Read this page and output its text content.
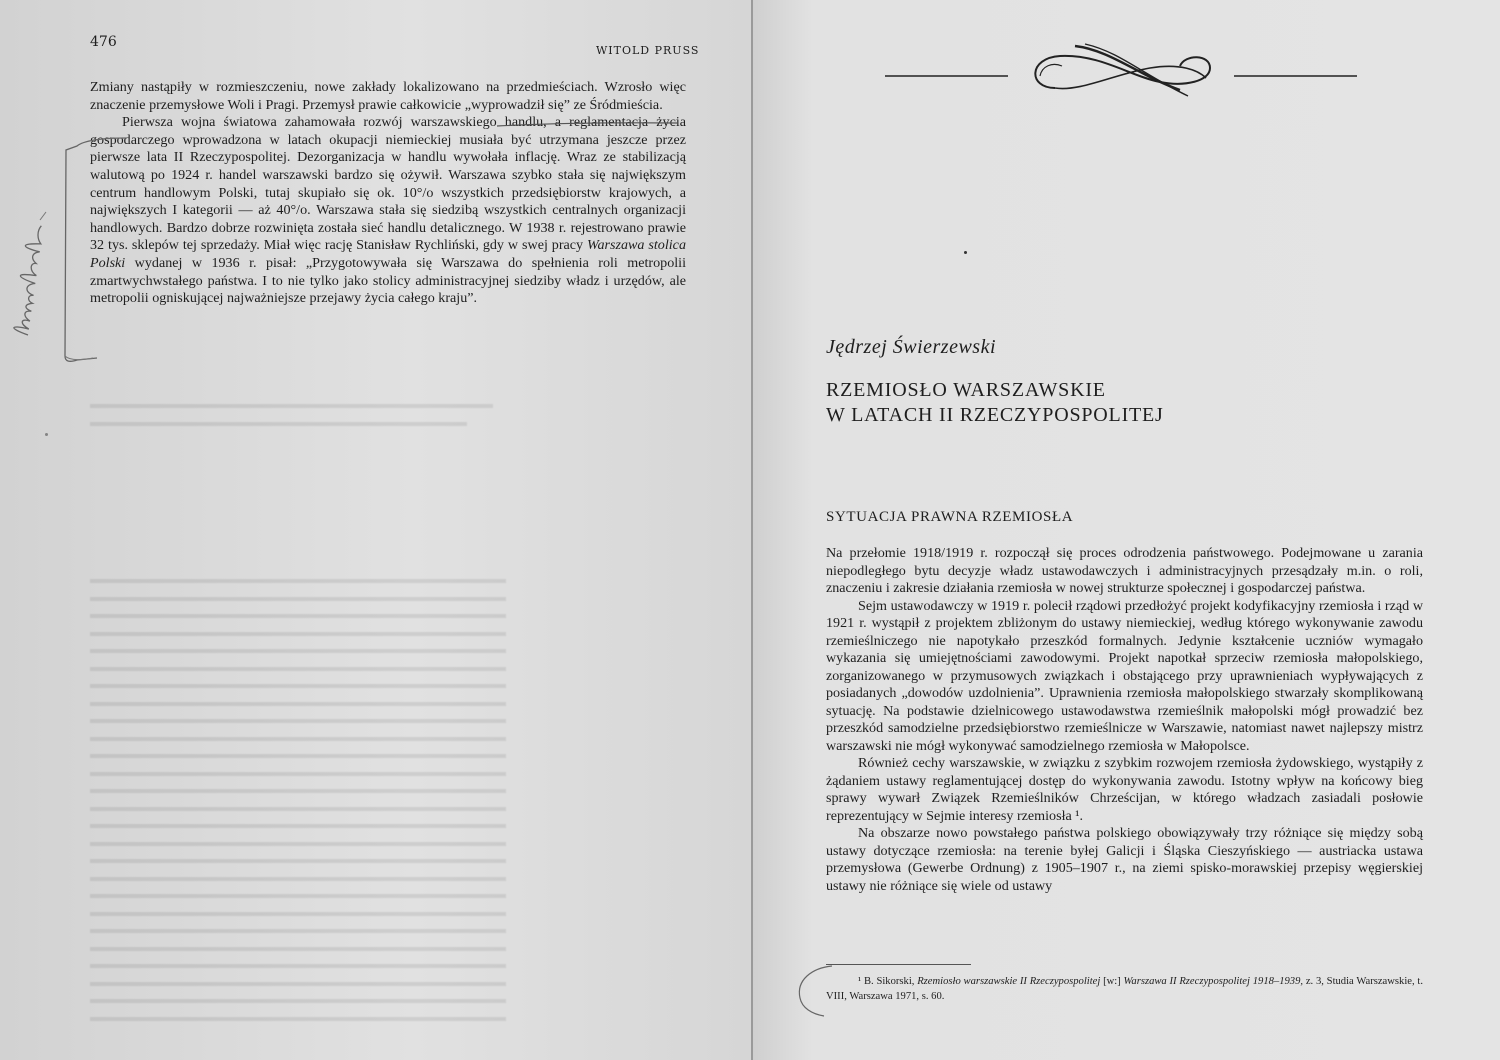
476
WITOLD PRUSS

Zmiany nastąpiły w rozmieszczeniu, nowe zakłady lokalizowano na przedmieściach. Wzrosło więc znaczenie przemysłowe Woli i Pragi. Przemysł prawie całkowicie „wyprowadził się” ze Śródmieścia.

Pierwsza wojna światowa zahamowała rozwój warszawskiego handlu, a reglamentacja życia gospodarczego wprowadzona w latach okupacji niemieckiej musiała być utrzymana jeszcze przez pierwsze lata II Rzeczypospolitej. Dezorganizacja w handlu wywołała inflację. Wraz ze stabilizacją walutową po 1924 r. handel warszawski bardzo się ożywił. Warszawa szybko stała się największym centrum handlowym Polski, tutaj skupiało się ok. 10°/o wszystkich przedsiębiorstw krajowych, a największych I kategorii — aż 40°/o. Warszawa stała się siedzibą wszystkich centralnych organizacji handlowych. Bardzo dobrze rozwinięta została sieć handlu detalicznego. W 1938 r. rejestrowano prawie 32 tys. sklepów tej sprzedaży. Miał więc rację Stanisław Rychliński, gdy w swej pracy Warszawa stolica Polski wydanej w 1936 r. pisał: „Przygotowywała się Warszawa do spełnienia roli metropolii zmartwychwstałego państwa. I to nie tylko jako stolicy administracyjnej siedziby władz i urzędów, ale metropolii ogniskującej najważniejsze przejawy życia całego kraju”.

▬▬▬▬▬▬▬▬▬▬▬▬▬▬▬▬▬▬▬▬▬▬▬▬▬▬▬▬▬▬▬
▬▬▬▬▬▬▬▬▬▬▬▬▬▬▬▬▬▬▬▬▬▬▬▬▬▬▬▬▬

▬▬▬▬▬▬▬▬▬▬▬▬▬▬▬▬▬▬▬▬▬▬▬▬▬▬▬▬▬▬▬▬
▬▬▬▬▬▬▬▬▬▬▬▬▬▬▬▬▬▬▬▬▬▬▬▬▬▬▬▬▬▬▬▬
▬▬▬▬▬▬▬▬▬▬▬▬▬▬▬▬▬▬▬▬▬▬▬▬▬▬▬▬▬▬▬▬
▬▬▬▬▬▬▬▬▬▬▬▬▬▬▬▬▬▬▬▬▬▬▬▬▬▬▬▬▬▬▬▬
▬▬▬▬▬▬▬▬▬▬▬▬▬▬▬▬▬▬▬▬▬▬▬▬▬▬▬▬▬▬▬▬
▬▬▬▬▬▬▬▬▬▬▬▬▬▬▬▬▬▬▬▬▬▬▬▬▬▬▬▬▬▬▬▬
▬▬▬▬▬▬▬▬▬▬▬▬▬▬▬▬▬▬▬▬▬▬▬▬▬▬▬▬▬▬▬▬
▬▬▬▬▬▬▬▬▬▬▬▬▬▬▬▬▬▬▬▬▬▬▬▬▬▬▬▬▬▬▬▬
▬▬▬▬▬▬▬▬▬▬▬▬▬▬▬▬▬▬▬▬▬▬▬▬▬▬▬▬▬▬▬▬
▬▬▬▬▬▬▬▬▬▬▬▬▬▬▬▬▬▬▬▬▬▬▬▬▬▬▬▬▬▬▬▬
▬▬▬▬▬▬▬▬▬▬▬▬▬▬▬▬▬▬▬▬▬▬▬▬▬▬▬▬▬▬▬▬
▬▬▬▬▬▬▬▬▬▬▬▬▬▬▬▬▬▬▬▬▬▬▬▬▬▬▬▬▬▬▬▬
▬▬▬▬▬▬▬▬▬▬▬▬▬▬▬▬▬▬▬▬▬▬▬▬▬▬▬▬▬▬▬▬
▬▬▬▬▬▬▬▬▬▬▬▬▬▬▬▬▬▬▬▬▬▬▬▬▬▬▬▬▬▬▬▬
▬▬▬▬▬▬▬▬▬▬▬▬▬▬▬▬▬▬▬▬▬▬▬▬▬▬▬▬▬▬▬▬
▬▬▬▬▬▬▬▬▬▬▬▬▬▬▬▬▬▬▬▬▬▬▬▬▬▬▬▬▬▬▬▬
▬▬▬▬▬▬▬▬▬▬▬▬▬▬▬▬▬▬▬▬▬▬▬▬▬▬▬▬▬▬▬▬
▬▬▬▬▬▬▬▬▬▬▬▬▬▬▬▬▬▬▬▬▬▬▬▬▬▬▬▬▬▬▬▬
▬▬▬▬▬▬▬▬▬▬▬▬▬▬▬▬▬▬▬▬▬▬▬▬▬▬▬▬▬▬▬▬
▬▬▬▬▬▬▬▬▬▬▬▬▬▬▬▬▬▬▬▬▬▬▬▬▬▬▬▬▬▬▬▬
▬▬▬▬▬▬▬▬▬▬▬▬▬▬▬▬▬▬▬▬▬▬▬▬▬▬▬▬▬▬▬▬
▬▬▬▬▬▬▬▬▬▬▬▬▬▬▬▬▬▬▬▬▬▬▬▬▬▬▬▬▬▬▬▬
▬▬▬▬▬▬▬▬▬▬▬▬▬▬▬▬▬▬▬▬▬▬▬▬▬▬▬▬▬▬▬▬
▬▬▬▬▬▬▬▬▬▬▬▬▬▬▬▬▬▬▬▬▬▬▬▬▬▬▬▬▬▬▬▬
▬▬▬▬▬▬▬▬▬▬▬▬▬▬▬▬▬▬▬▬▬▬▬▬▬▬▬▬▬▬▬▬
▬▬▬▬▬▬▬▬▬▬▬▬▬▬▬▬▬▬▬▬▬▬▬▬▬▬▬▬▬▬▬▬
Jędrzej Świerzewski
RZEMIOSŁO WARSZAWSKIE
W LATACH II RZECZYPOSPOLITEJ
SYTUACJA PRAWNA RZEMIOSŁA

Na przełomie 1918/1919 r. rozpoczął się proces odrodzenia państwowego. Podejmowane u zarania niepodległego bytu decyzje władz ustawodawczych i administracyjnych przesądzały m.in. o roli, znaczeniu i zakresie działania rzemiosła w nowej strukturze społecznej i gospodarczej państwa.

Sejm ustawodawczy w 1919 r. polecił rządowi przedłożyć projekt kodyfikacyjny rzemiosła i rząd w 1921 r. wystąpił z projektem zbliżonym do ustawy niemieckiej, według którego wykonywanie zawodu rzemieślniczego nie napotykało przeszkód formalnych. Jedynie kształcenie uczniów wymagało wykazania się umiejętnościami zawodowymi. Projekt napotkał sprzeciw rzemiosła małopolskiego, zorganizowanego w przymusowych związkach i obstającego przy uprawnieniach wypływających z posiadanych „dowodów uzdolnienia”. Uprawnienia rzemiosła małopolskiego stwarzały skomplikowaną sytuację. Na podstawie dzielnicowego ustawodawstwa rzemieślnik małopolski mógł prowadzić bez przeszkód samodzielne przedsiębiorstwo rzemieślnicze w Warszawie, natomiast nawet najlepszy mistrz warszawski nie mógł wykonywać samodzielnego rzemiosła w Małopolsce.

Również cechy warszawskie, w związku z szybkim rozwojem rzemiosła żydowskiego, wystąpiły z żądaniem ustawy reglamentującej dostęp do wykonywania zawodu. Istotny wpływ na końcowy bieg sprawy wywarł Związek Rzemieślników Chrześcijan, w którego władzach zasiadali posłowie reprezentujący w Sejmie interesy rzemiosła ¹.

Na obszarze nowo powstałego państwa polskiego obowiązywały trzy różniące się między sobą ustawy dotyczące rzemiosła: na terenie byłej Galicji i Śląska Cieszyńskiego — austriacka ustawa przemysłowa (Gewerbe Ordnung) z 1905–1907 r., na ziemi spisko-morawskiej przepisy węgierskiej ustawy nie różniące się wiele od ustawy

¹ B. Sikorski, Rzemiosło warszawskie II Rzeczypospolitej [w:] Warszawa II Rzeczypospolitej 1918–1939, z. 3, Studia Warszawskie, t. VIII, Warszawa 1971, s. 60.
